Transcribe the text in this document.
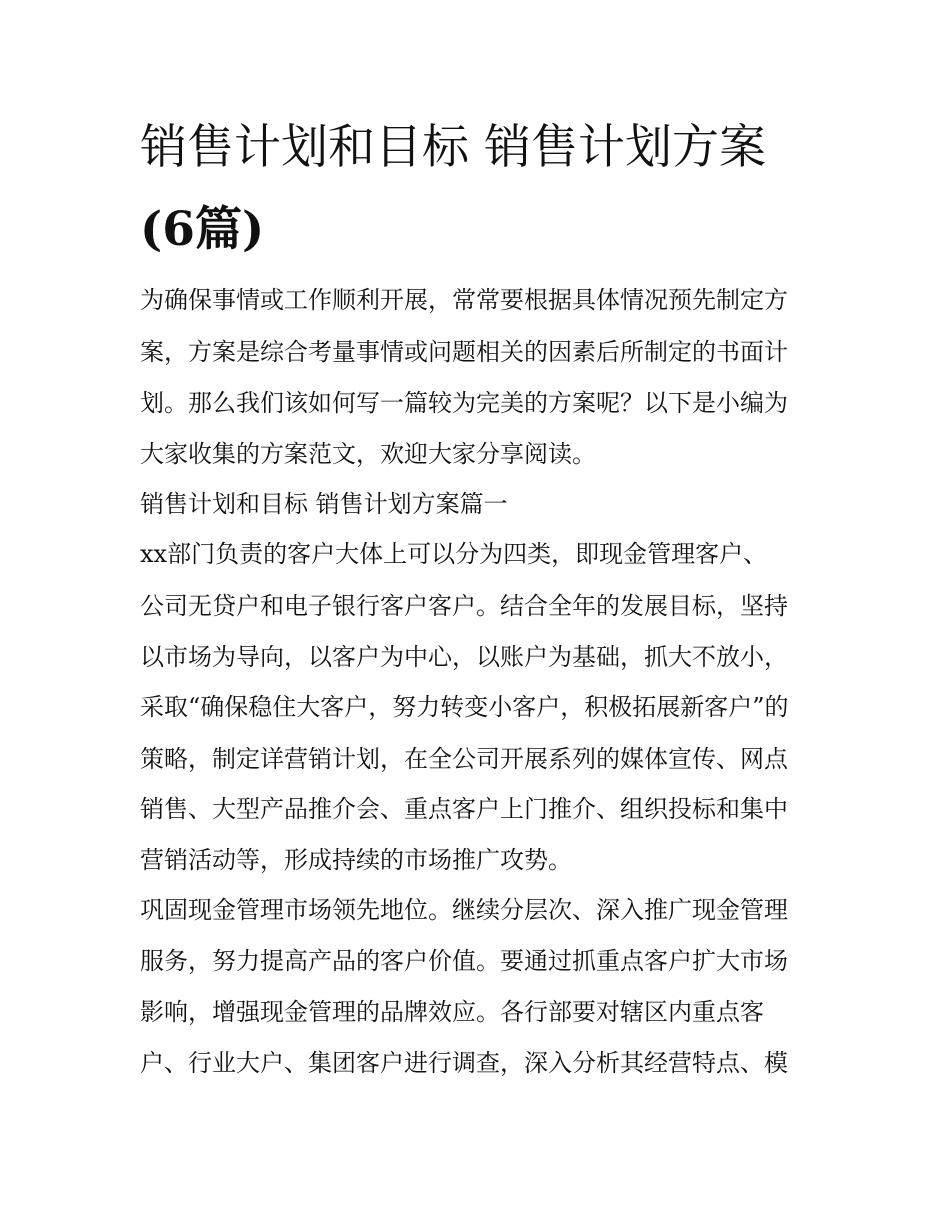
销售计划和目标 销售计划方案
(6篇)
为确保事情或工作顺利开展，常常要根据具体情况预先制定方
案，方案是综合考量事情或问题相关的因素后所制定的书面计
划。那么我们该如何写一篇较为完美的方案呢？以下是小编为
大家收集的方案范文，欢迎大家分享阅读。
销售计划和目标 销售计划方案篇一
xx部门负责的客户大体上可以分为四类，即现金管理客户、
公司无贷户和电子银行客户客户。结合全年的发展目标，坚持
以市场为导向，以客户为中心，以账户为基础，抓大不放小，
采取“确保稳住大客户，努力转变小客户，积极拓展新客户”的
策略，制定详营销计划，在全公司开展系列的媒体宣传、网点
销售、大型产品推介会、重点客户上门推介、组织投标和集中
营销活动等，形成持续的市场推广攻势。
巩固现金管理市场领先地位。继续分层次、深入推广现金管理
服务，努力提高产品的客户价值。要通过抓重点客户扩大市场
影响，增强现金管理的品牌效应。各行部要对辖区内重点客
户、行业大户、集团客户进行调查，深入分析其经营特点、模
